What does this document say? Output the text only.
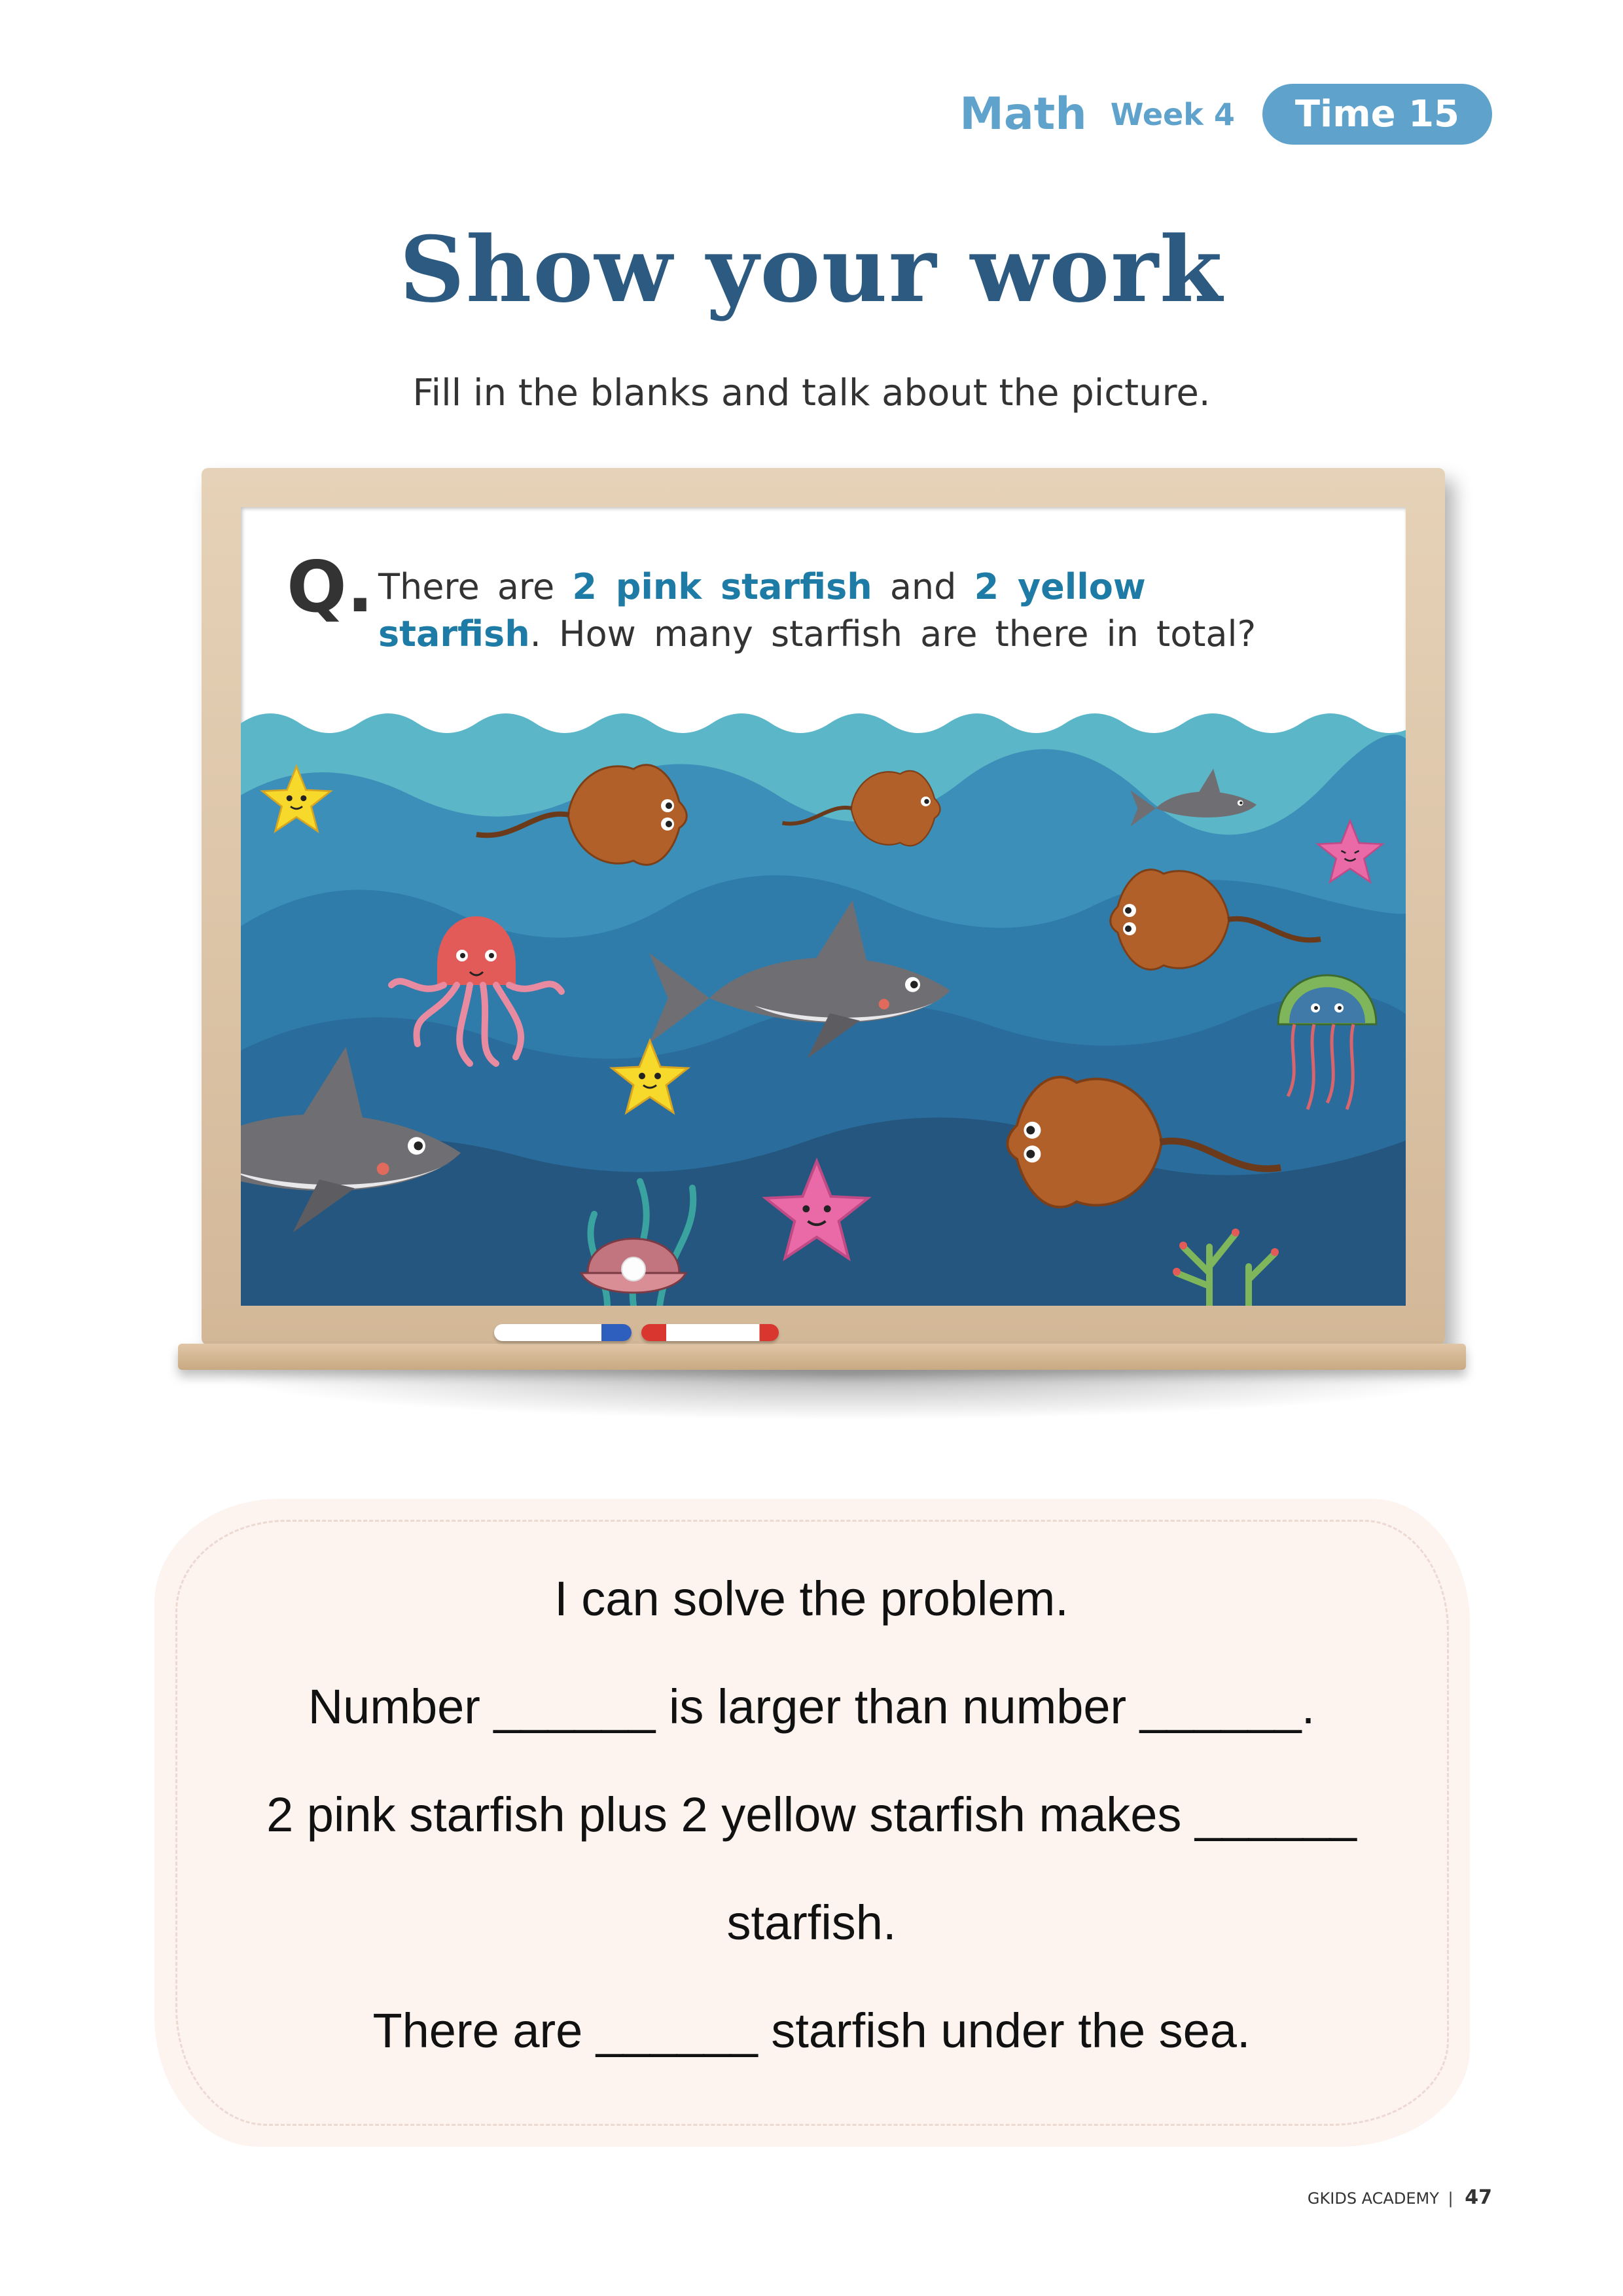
Math Week 4	Time 15
Show your work
Fill in the blanks and talk about the picture.
Q. There are 2 pink starfish and 2 yellow
starfish. How many starfish are there in total?
I can solve the problem.
Number ______ is larger than number ______.
2 pink starfish plus 2 yellow starfish makes ______
starfish.
There are ______ starfish under the sea.
GKIDS ACADEMY | 47
